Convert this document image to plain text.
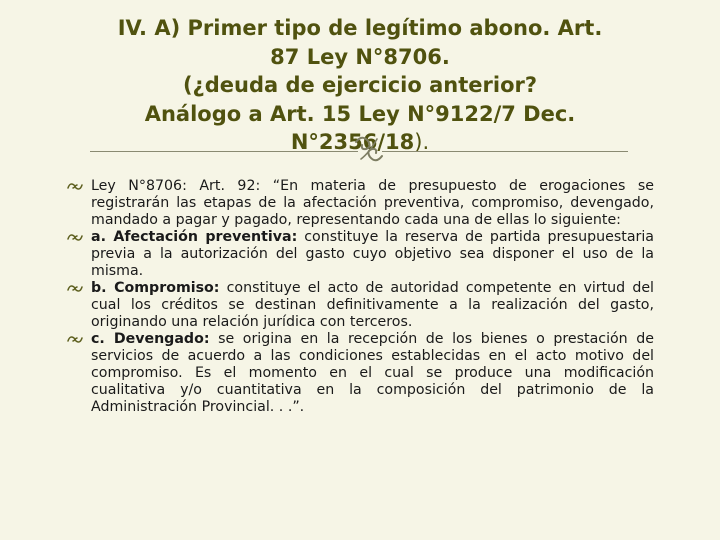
IV. A) Primer tipo de legítimo abono. Art.
87 Ley N°8706.
(¿deuda de ejercicio anterior?
Análogo a Art. 15 Ley N°9122/7 Dec.
N°2356/18).
Ley N°8706: Art. 92: “En materia de presupuesto de erogaciones se registrarán las etapas de la afectación preventiva, compromiso, devengado, mandado a pagar y pagado, representando cada una de ellas lo siguiente:
a. Afectación preventiva: constituye la reserva de partida presupuestaria previa a la autorización del gasto cuyo objetivo sea disponer el uso de la misma.
b. Compromiso: constituye el acto de autoridad competente en virtud del cual los créditos se destinan definitivamente a la realización del gasto, originando una relación jurídica con terceros.
c. Devengado: se origina en la recepción de los bienes o prestación de servicios de acuerdo a las condiciones establecidas en el acto motivo del compromiso. Es el momento en el cual se produce una modificación cualitativa y/o cuantitativa en la composición del patrimonio de la Administración Provincial. . .”.
